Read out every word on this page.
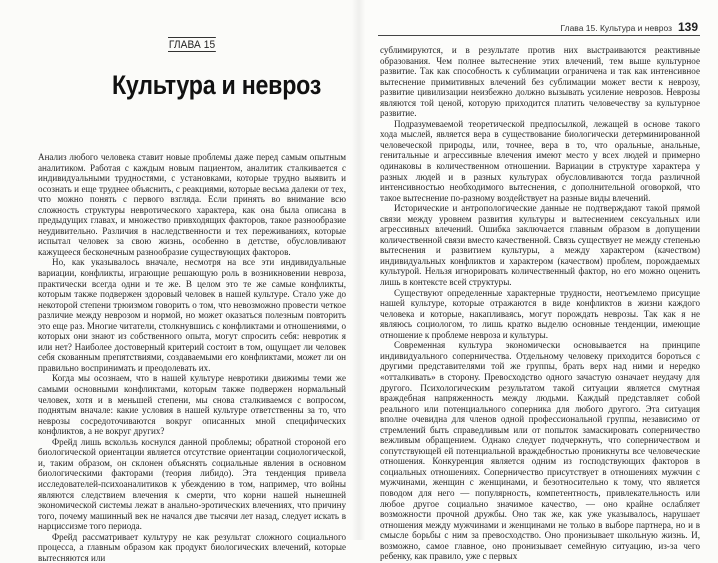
ГЛАВА 15
Культура и невроз

Анализ любого человека ставит новые проблемы даже перед самым опытным аналитиком. Работая с каждым новым пациентом, аналитик сталкивается с индивидуальными трудностями, с установками, которые трудно выявить и осознать и еще труднее объяснить, с реакциями, которые весьма далеки от тех, что можно понять с первого взгляда. Если принять во внимание всю сложность структуры невротического характера, как она была описана в предыдущих главах, и множество привходящих факторов, такое разнообразие неудивительно. Различия в наследственности и тех переживаниях, которые испытал человек за свою жизнь, особенно в детстве, обусловливают кажущееся бесконечным разнообразие существующих факторов.

Но, как указывалось вначале, несмотря на все эти индивидуальные вариации, конфликты, играющие решающую роль в возникновении невроза, практически всегда одни и те же. В целом это те же самые конфликты, которым также подвержен здоровый человек в нашей культуре. Стало уже до некоторой степени трюизмом говорить о том, что невозможно провести четкое различие между неврозом и нормой, но может оказаться полезным повторить это еще раз. Многие читатели, столкнувшись с конфликтами и отношениями, о которых они знают из собственного опыта, могут спросить себя: невротик я или нет? Наиболее достоверный критерий состоит в том, ощущает ли человек себя скованным препятствиями, создаваемыми его конфликтами, может ли он правильно воспринимать и преодолевать их.

Когда мы осознаем, что в нашей культуре невротики движимы теми же самыми основными конфликтами, которым также подвержен нормальный человек, хотя и в меньшей степени, мы снова сталкиваемся с вопросом, поднятым вначале: какие условия в нашей культуре ответственны за то, что неврозы сосредоточиваются вокруг описанных мной специфических конфликтов, а не вокруг других?

Фрейд лишь вскользь коснулся данной проблемы; обратной стороной его биологической ориентации является отсутствие ориентации социологической, и, таким образом, он склонен объяснять социальные явления в основном биологическими факторами (теория либидо). Эта тенденция привела исследователей-психоаналитиков к убеждению в том, например, что войны являются следствием влечения к смерти, что корни нашей нынешней экономической системы лежат в анально-эротических влечениях, что причину того, почему машинный век не начался две тысячи лет назад, следует искать в нарциссизме того периода.

Фрейд рассматривает культуру не как результат сложного социального процесса, а главным образом как продукт биологических влечений, которые вытесняются или

Глава 15. Культура и невроз 139

сублимируются, и в результате против них выстраиваются реактивные образования. Чем полнее вытеснение этих влечений, тем выше культурное развитие. Так как способность к сублимации ограничена и так как интенсивное вытеснение примитивных влечений без сублимации может вести к неврозу, развитие цивилизации неизбежно должно вызывать усиление неврозов. Неврозы являются той ценой, которую приходится платить человечеству за культурное развитие.

Подразумеваемой теоретической предпосылкой, лежащей в основе такого хода мыслей, является вера в существование биологически детерминированной человеческой природы, или, точнее, вера в то, что оральные, анальные, генитальные и агрессивные влечения имеют место у всех людей и примерно одинаковы в количественном отношении. Вариации в структуре характера у разных людей и в разных культурах обусловливаются тогда различной интенсивностью необходимого вытеснения, с дополнительной оговоркой, что такое вытеснение по-разному воздействует на разные виды влечений.

Исторические и антропологические данные не подтверждают такой прямой связи между уровнем развития культуры и вытеснением сексуальных или агрессивных влечений. Ошибка заключается главным образом в допущении количественной связи вместо качественной. Связь существует не между степенью вытеснения и развитием культуры, а между характером (качеством) индивидуальных конфликтов и характером (качеством) проблем, порождаемых культурой. Нельзя игнорировать количественный фактор, но его можно оценить лишь в контексте всей структуры.

Существуют определенные характерные трудности, неотъемлемо присущие нашей культуре, которые отражаются в виде конфликтов в жизни каждого человека и которые, накапливаясь, могут порождать неврозы. Так как я не являюсь социологом, то лишь кратко выделю основные тенденции, имеющие отношение к проблеме невроза и культуры.

Современная культура экономически основывается на принципе индивидуального соперничества. Отдельному человеку приходится бороться с другими представителями той же группы, брать верх над ними и нередко «отталкивать» в сторону. Превосходство одного зачастую означает неудачу для другого. Психологическим результатом такой ситуации является смутная враждебная напряженность между людьми. Каждый представляет собой реального или потенциального соперника для любого другого. Эта ситуация вполне очевидна для членов одной профессиональной группы, независимо от стремлений быть справедливым или от попыток замаскировать соперничество вежливым обращением. Однако следует подчеркнуть, что соперничеством и сопутствующей ей потенциальной враждебностью проникнуты все человеческие отношения. Конкуренция является одним из господствующих факторов в социальных отношениях. Соперничество присутствует в отношениях мужчин с мужчинами, женщин с женщинами, и безотносительно к тому, что является поводом для него — популярность, компетентность, привлекательность или любое другое социально значимое качество, — оно крайне ослабляет возможности прочной дружбы. Оно так же, как уже указывалось, нарушает отношения между мужчинами и женщинами не только в выборе партнера, но и в смысле борьбы с ним за превосходство. Оно пронизывает школьную жизнь. И, возможно, самое главное, оно пронизывает семейную ситуацию, из-за чего ребенку, как правило, уже с первых
